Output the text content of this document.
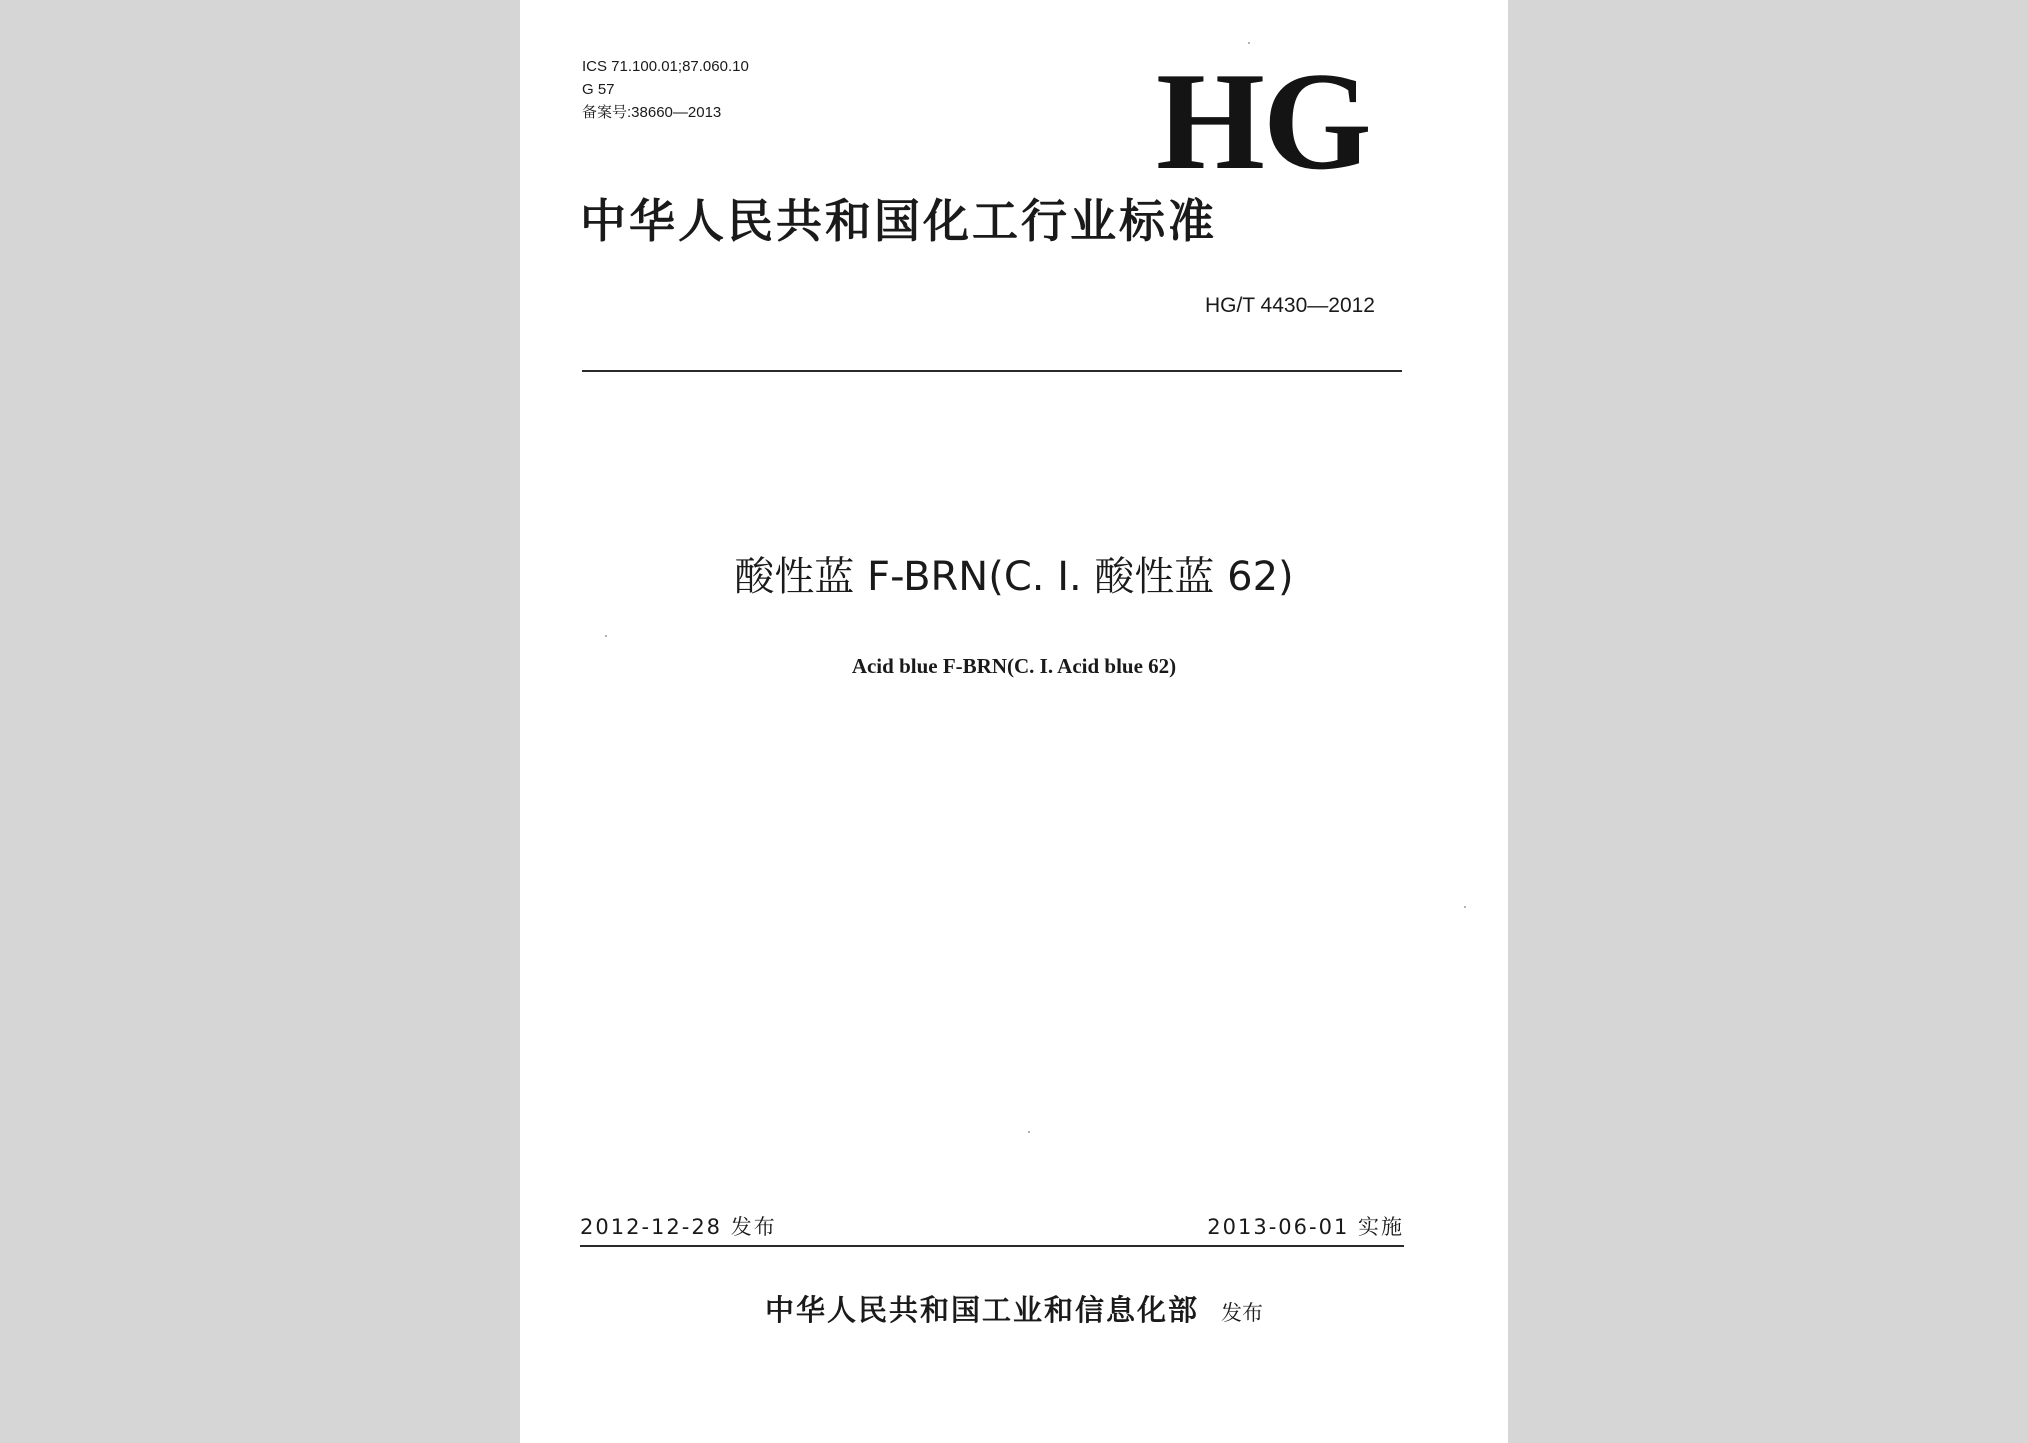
ICS 71.100.01;87.060.10
G 57
备案号:38660—2013	HG
中华人民共和国化工行业标准
HG/T 4430—2012
酸性蓝 F-BRN(C. I. 酸性蓝 62)
Acid blue F-BRN(C. I. Acid blue 62)
2012-12-28 发布	2013-06-01 实施
中华人民共和国工业和信息化部 发布
